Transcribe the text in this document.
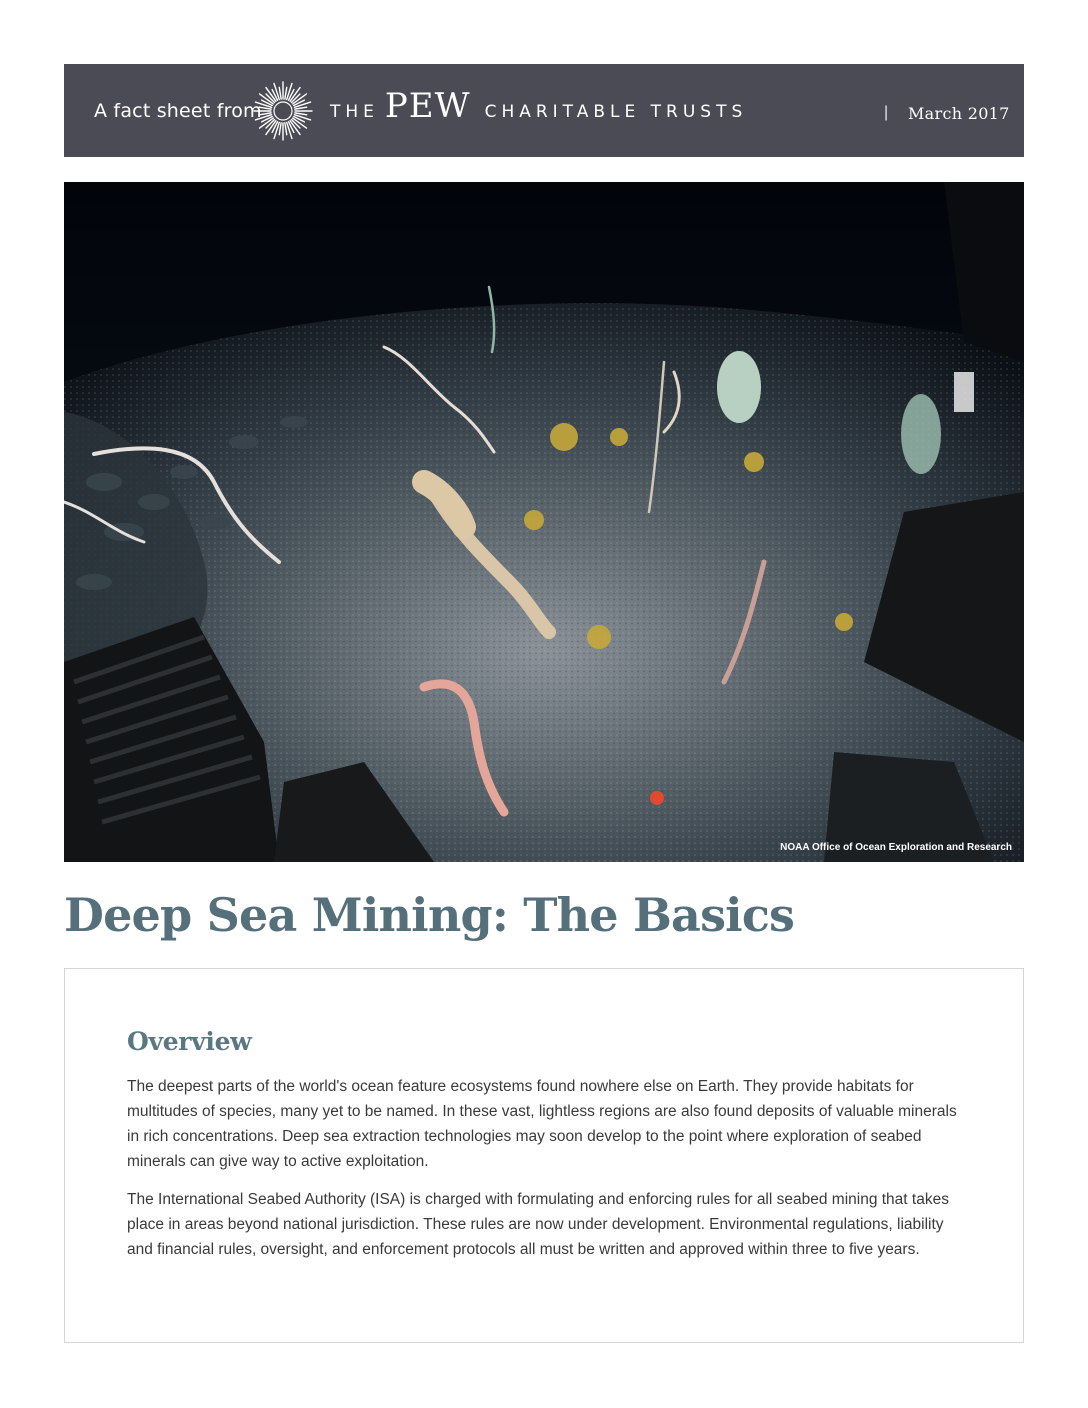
A fact sheet from	THE PEW CHARITABLE TRUSTS	| March 2017
NOAA Office of Ocean Exploration and Research
Deep Sea Mining: The Basics
Overview

The deepest parts of the world's ocean feature ecosystems found nowhere else on Earth. They provide habitats for multitudes of species, many yet to be named. In these vast, lightless regions are also found deposits of valuable minerals in rich concentrations. Deep sea extraction technologies may soon develop to the point where exploration of seabed minerals can give way to active exploitation.

The International Seabed Authority (ISA) is charged with formulating and enforcing rules for all seabed mining that takes place in areas beyond national jurisdiction. These rules are now under development. Environmental regulations, liability and financial rules, oversight, and enforcement protocols all must be written and approved within three to five years.
